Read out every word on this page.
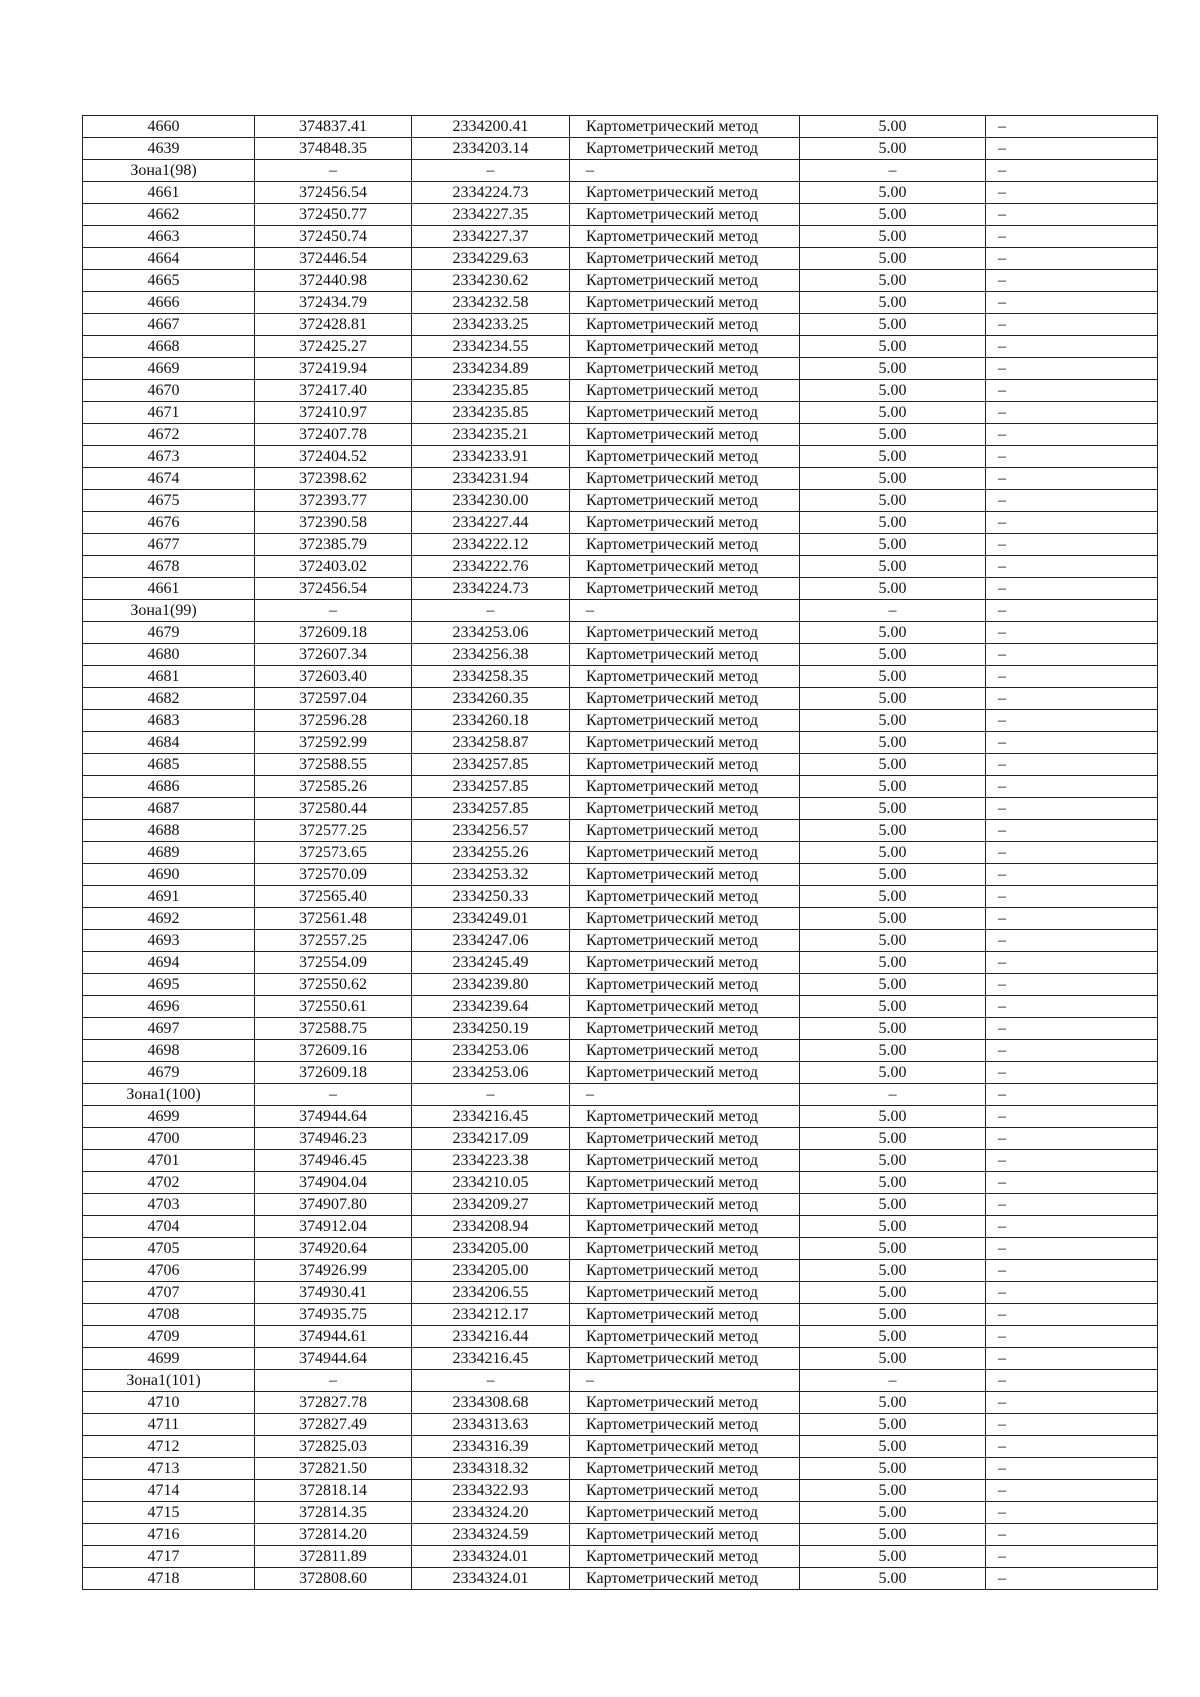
4660	374837.41	2334200.41	Картометрический метод	5.00	–
4639	374848.35	2334203.14	Картометрический метод	5.00	–
Зона1(98)	–	–	–	–	–
4661	372456.54	2334224.73	Картометрический метод	5.00	–
4662	372450.77	2334227.35	Картометрический метод	5.00	–
4663	372450.74	2334227.37	Картометрический метод	5.00	–
4664	372446.54	2334229.63	Картометрический метод	5.00	–
4665	372440.98	2334230.62	Картометрический метод	5.00	–
4666	372434.79	2334232.58	Картометрический метод	5.00	–
4667	372428.81	2334233.25	Картометрический метод	5.00	–
4668	372425.27	2334234.55	Картометрический метод	5.00	–
4669	372419.94	2334234.89	Картометрический метод	5.00	–
4670	372417.40	2334235.85	Картометрический метод	5.00	–
4671	372410.97	2334235.85	Картометрический метод	5.00	–
4672	372407.78	2334235.21	Картометрический метод	5.00	–
4673	372404.52	2334233.91	Картометрический метод	5.00	–
4674	372398.62	2334231.94	Картометрический метод	5.00	–
4675	372393.77	2334230.00	Картометрический метод	5.00	–
4676	372390.58	2334227.44	Картометрический метод	5.00	–
4677	372385.79	2334222.12	Картометрический метод	5.00	–
4678	372403.02	2334222.76	Картометрический метод	5.00	–
4661	372456.54	2334224.73	Картометрический метод	5.00	–
Зона1(99)	–	–	–	–	–
4679	372609.18	2334253.06	Картометрический метод	5.00	–
4680	372607.34	2334256.38	Картометрический метод	5.00	–
4681	372603.40	2334258.35	Картометрический метод	5.00	–
4682	372597.04	2334260.35	Картометрический метод	5.00	–
4683	372596.28	2334260.18	Картометрический метод	5.00	–
4684	372592.99	2334258.87	Картометрический метод	5.00	–
4685	372588.55	2334257.85	Картометрический метод	5.00	–
4686	372585.26	2334257.85	Картометрический метод	5.00	–
4687	372580.44	2334257.85	Картометрический метод	5.00	–
4688	372577.25	2334256.57	Картометрический метод	5.00	–
4689	372573.65	2334255.26	Картометрический метод	5.00	–
4690	372570.09	2334253.32	Картометрический метод	5.00	–
4691	372565.40	2334250.33	Картометрический метод	5.00	–
4692	372561.48	2334249.01	Картометрический метод	5.00	–
4693	372557.25	2334247.06	Картометрический метод	5.00	–
4694	372554.09	2334245.49	Картометрический метод	5.00	–
4695	372550.62	2334239.80	Картометрический метод	5.00	–
4696	372550.61	2334239.64	Картометрический метод	5.00	–
4697	372588.75	2334250.19	Картометрический метод	5.00	–
4698	372609.16	2334253.06	Картометрический метод	5.00	–
4679	372609.18	2334253.06	Картометрический метод	5.00	–
Зона1(100)	–	–	–	–	–
4699	374944.64	2334216.45	Картометрический метод	5.00	–
4700	374946.23	2334217.09	Картометрический метод	5.00	–
4701	374946.45	2334223.38	Картометрический метод	5.00	–
4702	374904.04	2334210.05	Картометрический метод	5.00	–
4703	374907.80	2334209.27	Картометрический метод	5.00	–
4704	374912.04	2334208.94	Картометрический метод	5.00	–
4705	374920.64	2334205.00	Картометрический метод	5.00	–
4706	374926.99	2334205.00	Картометрический метод	5.00	–
4707	374930.41	2334206.55	Картометрический метод	5.00	–
4708	374935.75	2334212.17	Картометрический метод	5.00	–
4709	374944.61	2334216.44	Картометрический метод	5.00	–
4699	374944.64	2334216.45	Картометрический метод	5.00	–
Зона1(101)	–	–	–	–	–
4710	372827.78	2334308.68	Картометрический метод	5.00	–
4711	372827.49	2334313.63	Картометрический метод	5.00	–
4712	372825.03	2334316.39	Картометрический метод	5.00	–
4713	372821.50	2334318.32	Картометрический метод	5.00	–
4714	372818.14	2334322.93	Картометрический метод	5.00	–
4715	372814.35	2334324.20	Картометрический метод	5.00	–
4716	372814.20	2334324.59	Картометрический метод	5.00	–
4717	372811.89	2334324.01	Картометрический метод	5.00	–
4718	372808.60	2334324.01	Картометрический метод	5.00	–
